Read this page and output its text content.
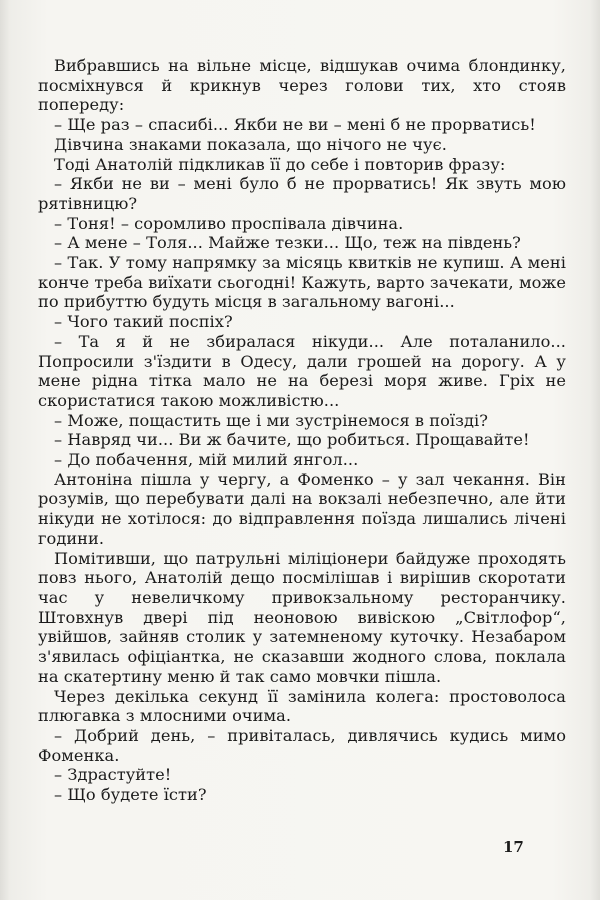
Вибравшись на вільне місце, відшукав очима блондинку, посміхнувся й крикнув через голови тих, хто стояв попереду:

– Ще раз – спасибі... Якби не ви – мені б не прорватись!

Дівчина знаками показала, що нічого не чує.

Тоді Анатолій підкликав її до себе і повторив фразу:

– Якби не ви – мені було б не прорватись! Як звуть мою рятівницю?

– Тоня! – соромливо проспівала дівчина.

– А мене – Толя... Майже тезки... Що, теж на південь?

– Так. У тому напрямку за місяць квитків не купиш. А мені конче треба виїхати сьогодні! Кажуть, варто зачекати, може по прибуттю будуть місця в загальному вагоні...

– Чого такий поспіх?

– Та я й не збиралася нікуди... Але поталанило... Попросили з'їздити в Одесу, дали грошей на дорогу. А у мене рідна тітка мало не на березі моря живе. Гріх не скористатися такою можливістю...

– Може, пощастить ще і ми зустрінемося в поїзді?

– Навряд чи... Ви ж бачите, що робиться. Прощавайте!

– До побачення, мій милий янгол...

Антоніна пішла у чергу, а Фоменко – у зал чекання. Він розумів, що перебувати далі на вокзалі небезпечно, але йти нікуди не хотілося: до відправлення поїзда лишались лічені години.

Помітивши, що патрульні міліціонери байдуже проходять повз нього, Анатолій дещо посмілішав і вирішив скоротати час у невеличкому привокзальному ресторанчику. Штовхнув двері під неоновою вивіскою „Світлофор“, увійшов, зайняв столик у затемненому куточку. Незабаром з'явилась офіціантка, не сказавши жодного слова, поклала на скатертину меню й так само мовчки пішла.

Через декілька секунд її замінила колега: простоволоса плюгавка з млосними очима.

– Добрий день, – привіталась, дивлячись кудись мимо Фоменка.

– Здрастуйте!

– Що будете їсти?

17
